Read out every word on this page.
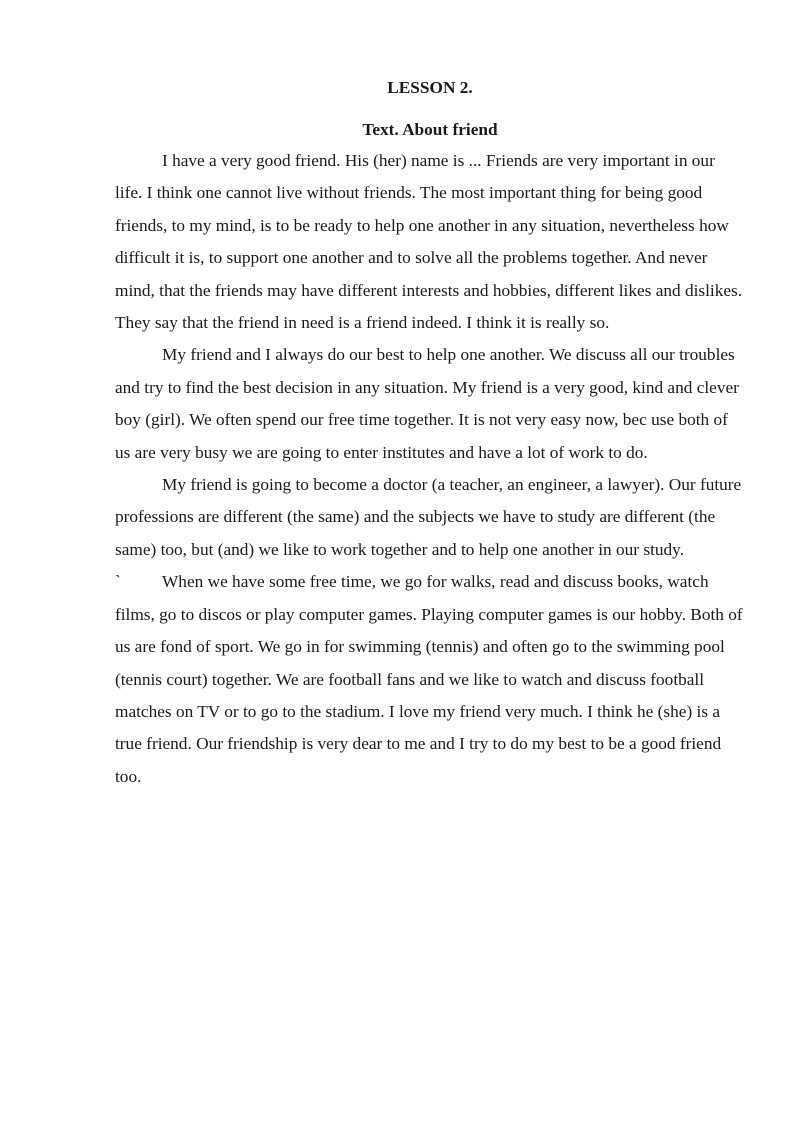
LESSON 2.

Text. About friend

I have a very good friend. His (her) name is ... Friends are very important in our life. I think one cannot live without friends. The most important thing for being good friends, to my mind, is to be ready to help one another in any situation, nevertheless how difficult it is, to support one another and to solve all the problems together. And never mind, that the friends may have different interests and hobbies, different likes and dislikes. They say that the friend in need is a friend indeed. I think it is really so.

My friend and I always do our best to help one another. We discuss all our troubles and try to find the best decision in any situation. My friend is a very good, kind and clever boy (girl). We often spend our free time together. It is not very easy now, bec use both of us are very busy we are going to enter institutes and have a lot of work to do.

My friend is going to become a doctor (a teacher, an engineer, a lawyer). Our future professions are different (the same) and the subjects we have to study are different (the same) too, but (and) we like to work together and to help one another in our study.

`	When we have some free time, we go for walks, read and discuss books, watch films, go to discos or play computer games. Playing computer games is our hobby. Both of us are fond of sport. We go in for swimming (tennis) and often go to the swimming pool (tennis court) together. We are football fans and we like to watch and discuss football matches on TV or to go to the stadium. I love my friend very much. I think he (she) is a true friend. Our friendship is very dear to me and I try to do my best to be a good friend too.
